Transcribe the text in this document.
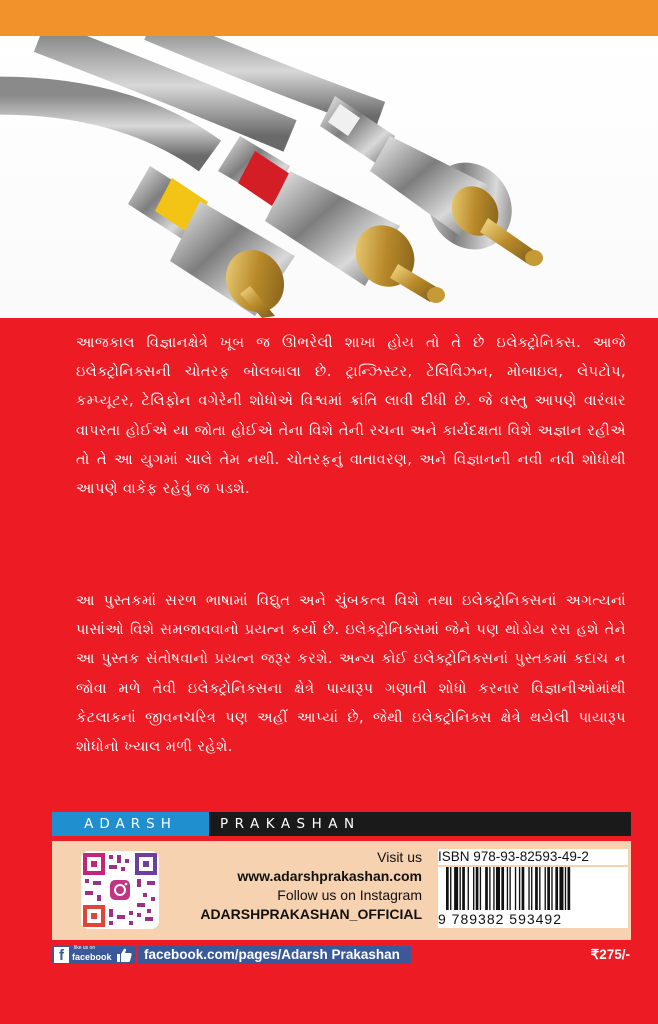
આજકાલ વિજ્ઞાનક્ષેત્રે ખૂબ જ ઊભરેલી શાખા હોય તો તે છે ઇલેક્ટ્રોનિક્સ. આજે ઇલેક્ટ્રોનિક્સની ચોતરફ બોલબાલા છે. ટ્રાન્ઝિસ્ટર, ટેલિવિઝન, મોબાઇલ, લેપટોપ, કમ્પ્યૂટર, ટેલિફોન વગેરેની શોધોએ વિશ્વમાં ક્રાંતિ લાવી દીધી છે. જે વસ્તુ આપણે વારંવાર વાપરતા હોઈએ યા જોતા હોઈએ તેના વિશે તેની રચના અને કાર્યદક્ષતા વિશે અજ્ઞાન રહીએ તો તે આ યુગમાં ચાલે તેમ નથી. ચોતરફનું વાતાવરણ, અને વિજ્ઞાનની નવી નવી શોધોથી આપણે વાકેફ રહેવું જ પડશે.

આ પુસ્તકમાં સરળ ભાષામાં વિદ્યુત અને ચુંબકત્વ વિશે તથા ઇલેક્ટ્રોનિક્સનાં અગત્યનાં પાસાંઓ વિશે સમજાવવાનો પ્રયત્ન કર્યો છે. ઇલેક્ટ્રોનિક્સમાં જેને પણ થોડોય રસ હશે તેને આ પુસ્તક સંતોષવાનો પ્રયત્ન જરૂર કરશે. અન્ય કોઈ ઇલેક્ટ્રોનિક્સનાં પુસ્તકમાં કદાચ ન જોવા મળે તેવી ઇલેક્ટ્રોનિક્સના ક્ષેત્રે પાયારૂપ ગણાતી શોધો કરનાર વિજ્ઞાનીઓમાંથી કેટલાકનાં જીવનચરિત્ર પણ અહીં આપ્યાં છે, જેથી ઇલેક્ટ્રોનિક્સ ક્ષેત્રે થયેલી પાયારૂપ શોધોનો ખ્યાલ મળી રહેશે.

ADARSH	PRAKASHAN
Visit us
www.adarshprakashan.com
Follow us on Instagram
ADARSHPRAKASHAN_OFFICIAL
ISBN 978-93-82593-49-2
9 789382 593492
f	like us on
facebook	facebook.com/pages/Adarsh Prakashan	₹275/-
